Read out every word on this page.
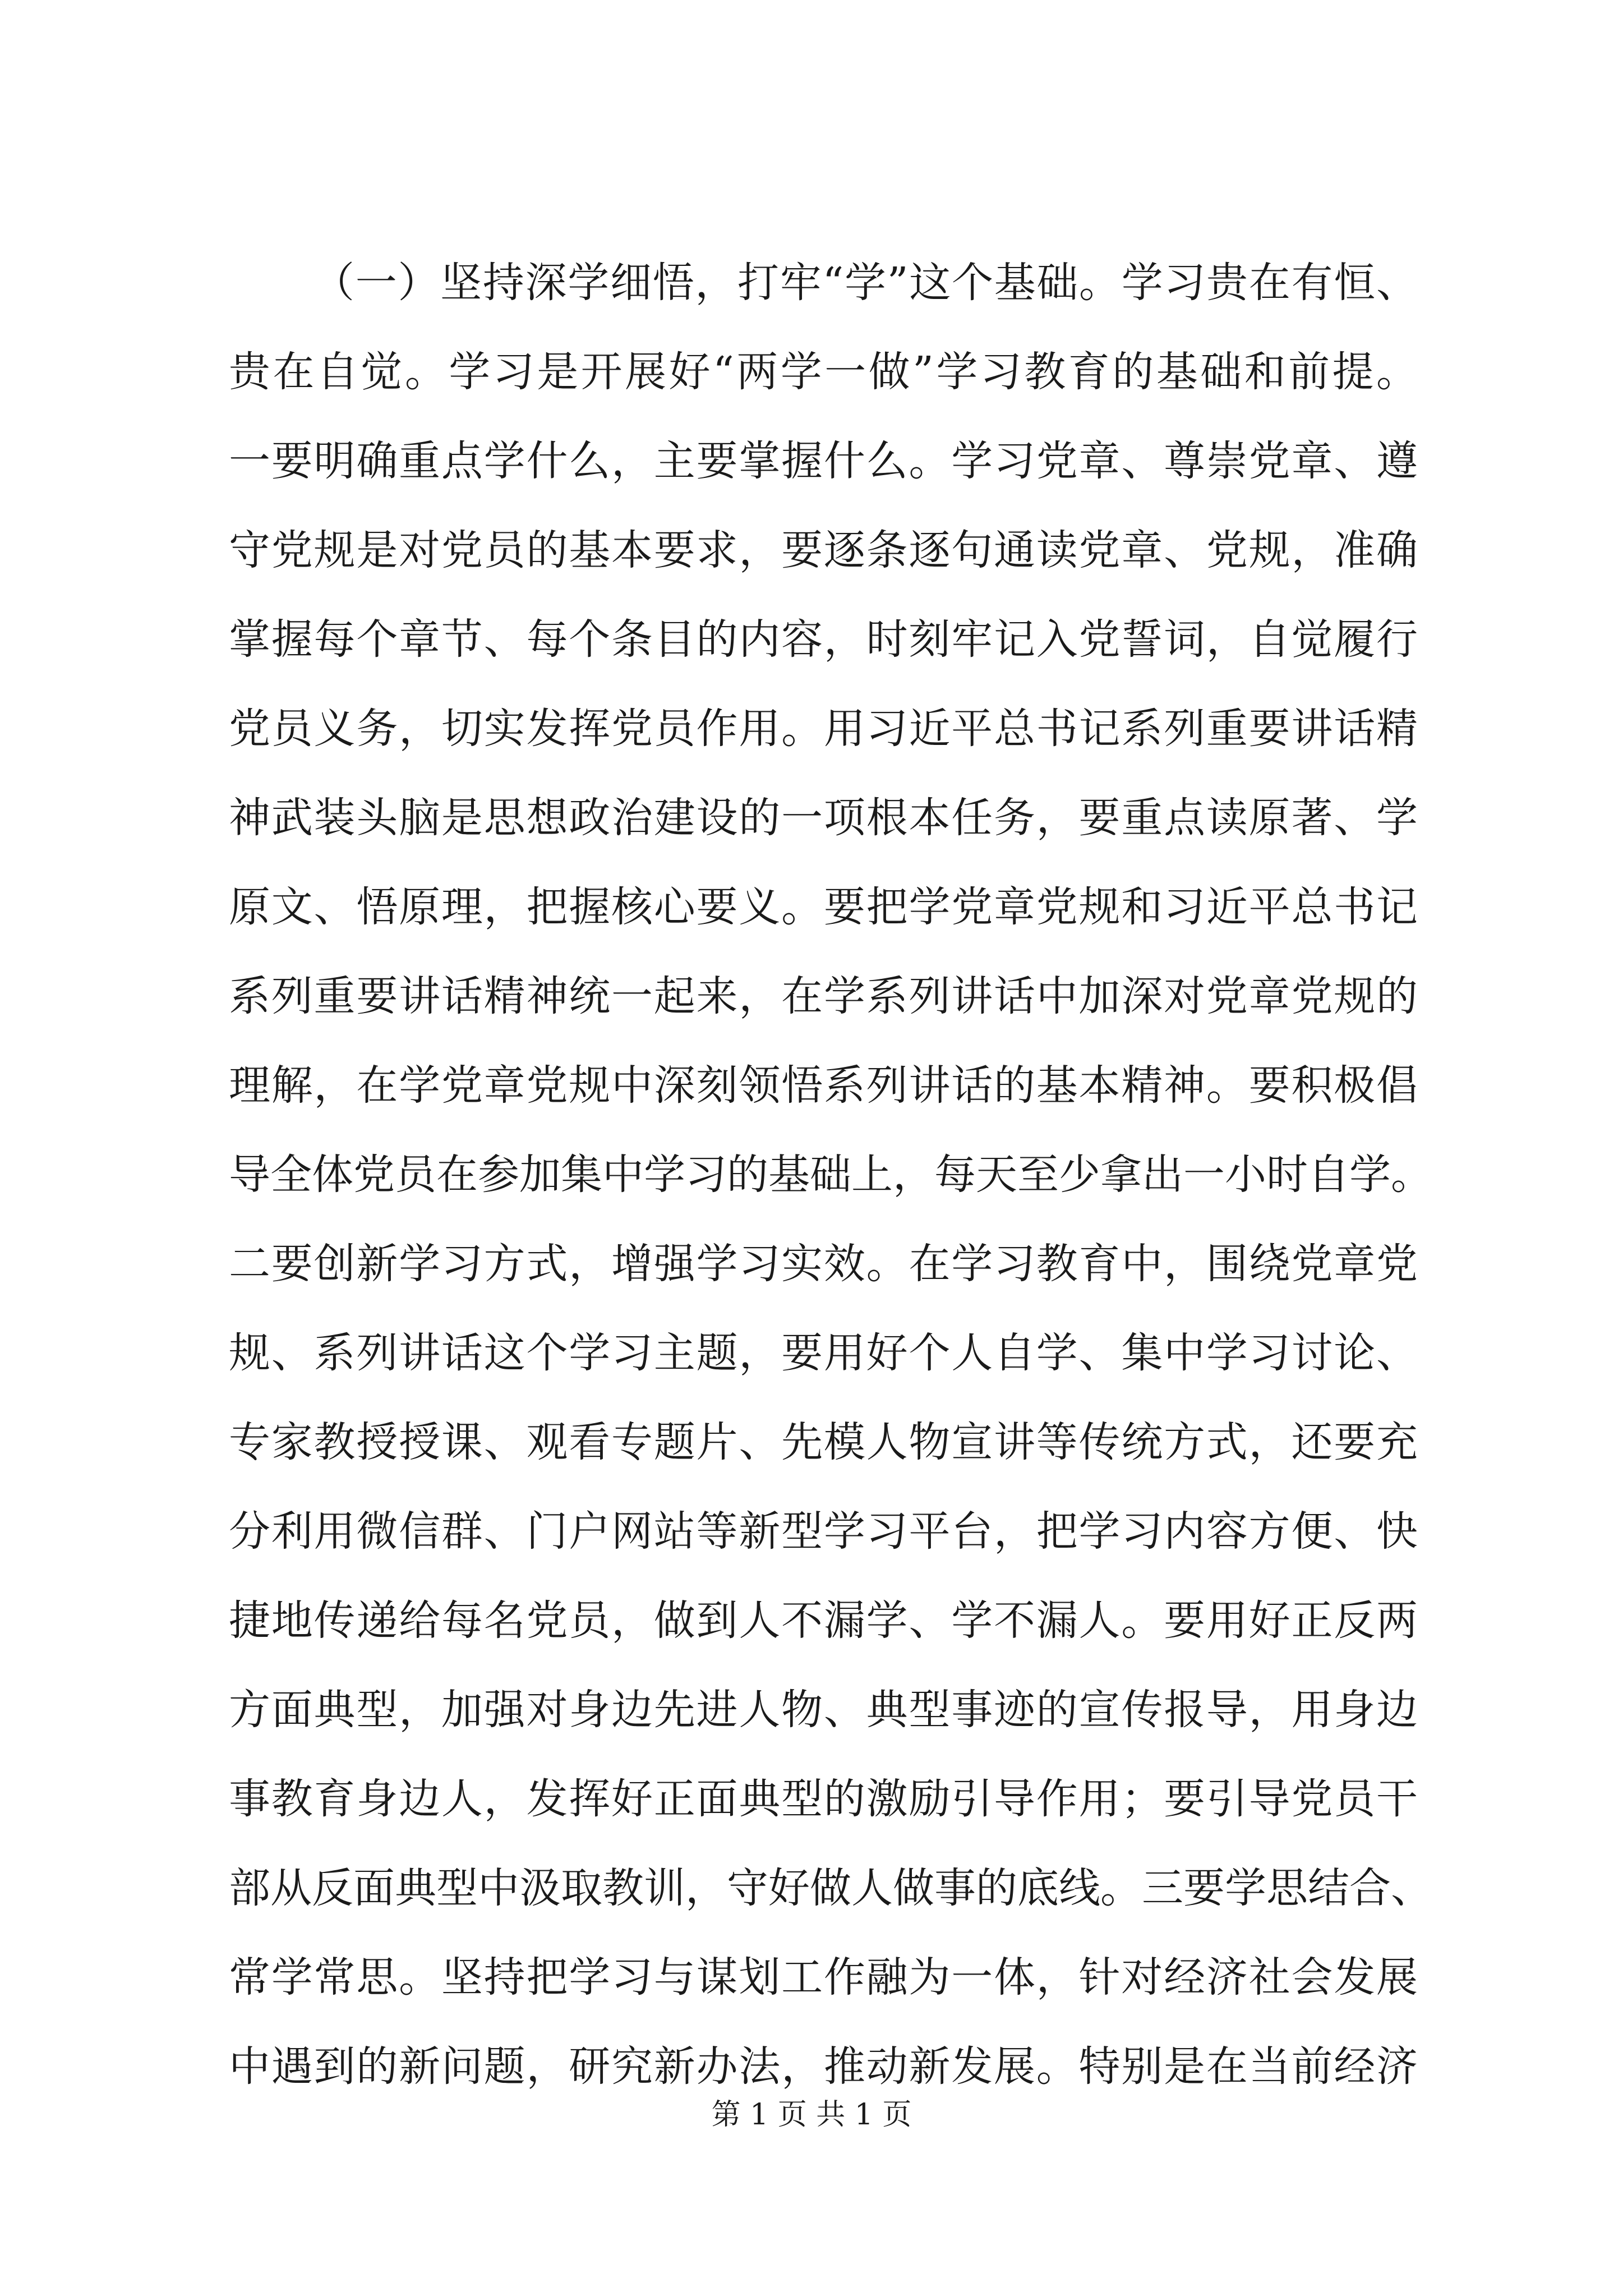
（一）坚持深学细悟，打牢“学”这个基础。学习贵在有恒、
贵在自觉。学习是开展好“两学一做”学习教育的基础和前提。
一要明确重点学什么，主要掌握什么。学习党章、尊崇党章、遵
守党规是对党员的基本要求，要逐条逐句通读党章、党规，准确
掌握每个章节、每个条目的内容，时刻牢记入党誓词，自觉履行
党员义务，切实发挥党员作用。用习近平总书记系列重要讲话精
神武装头脑是思想政治建设的一项根本任务，要重点读原著、学
原文、悟原理，把握核心要义。要把学党章党规和习近平总书记
系列重要讲话精神统一起来，在学系列讲话中加深对党章党规的
理解，在学党章党规中深刻领悟系列讲话的基本精神。要积极倡
导全体党员在参加集中学习的基础上，每天至少拿出一小时自学。
二要创新学习方式，增强学习实效。在学习教育中，围绕党章党
规、系列讲话这个学习主题，要用好个人自学、集中学习讨论、
专家教授授课、观看专题片、先模人物宣讲等传统方式，还要充
分利用微信群、门户网站等新型学习平台，把学习内容方便、快
捷地传递给每名党员，做到人不漏学、学不漏人。要用好正反两
方面典型，加强对身边先进人物、典型事迹的宣传报导，用身边
事教育身边人，发挥好正面典型的激励引导作用；要引导党员干
部从反面典型中汲取教训，守好做人做事的底线。三要学思结合、
常学常思。坚持把学习与谋划工作融为一体，针对经济社会发展
中遇到的新问题，研究新办法，推动新发展。特别是在当前经济
第 1 页 共 1 页
